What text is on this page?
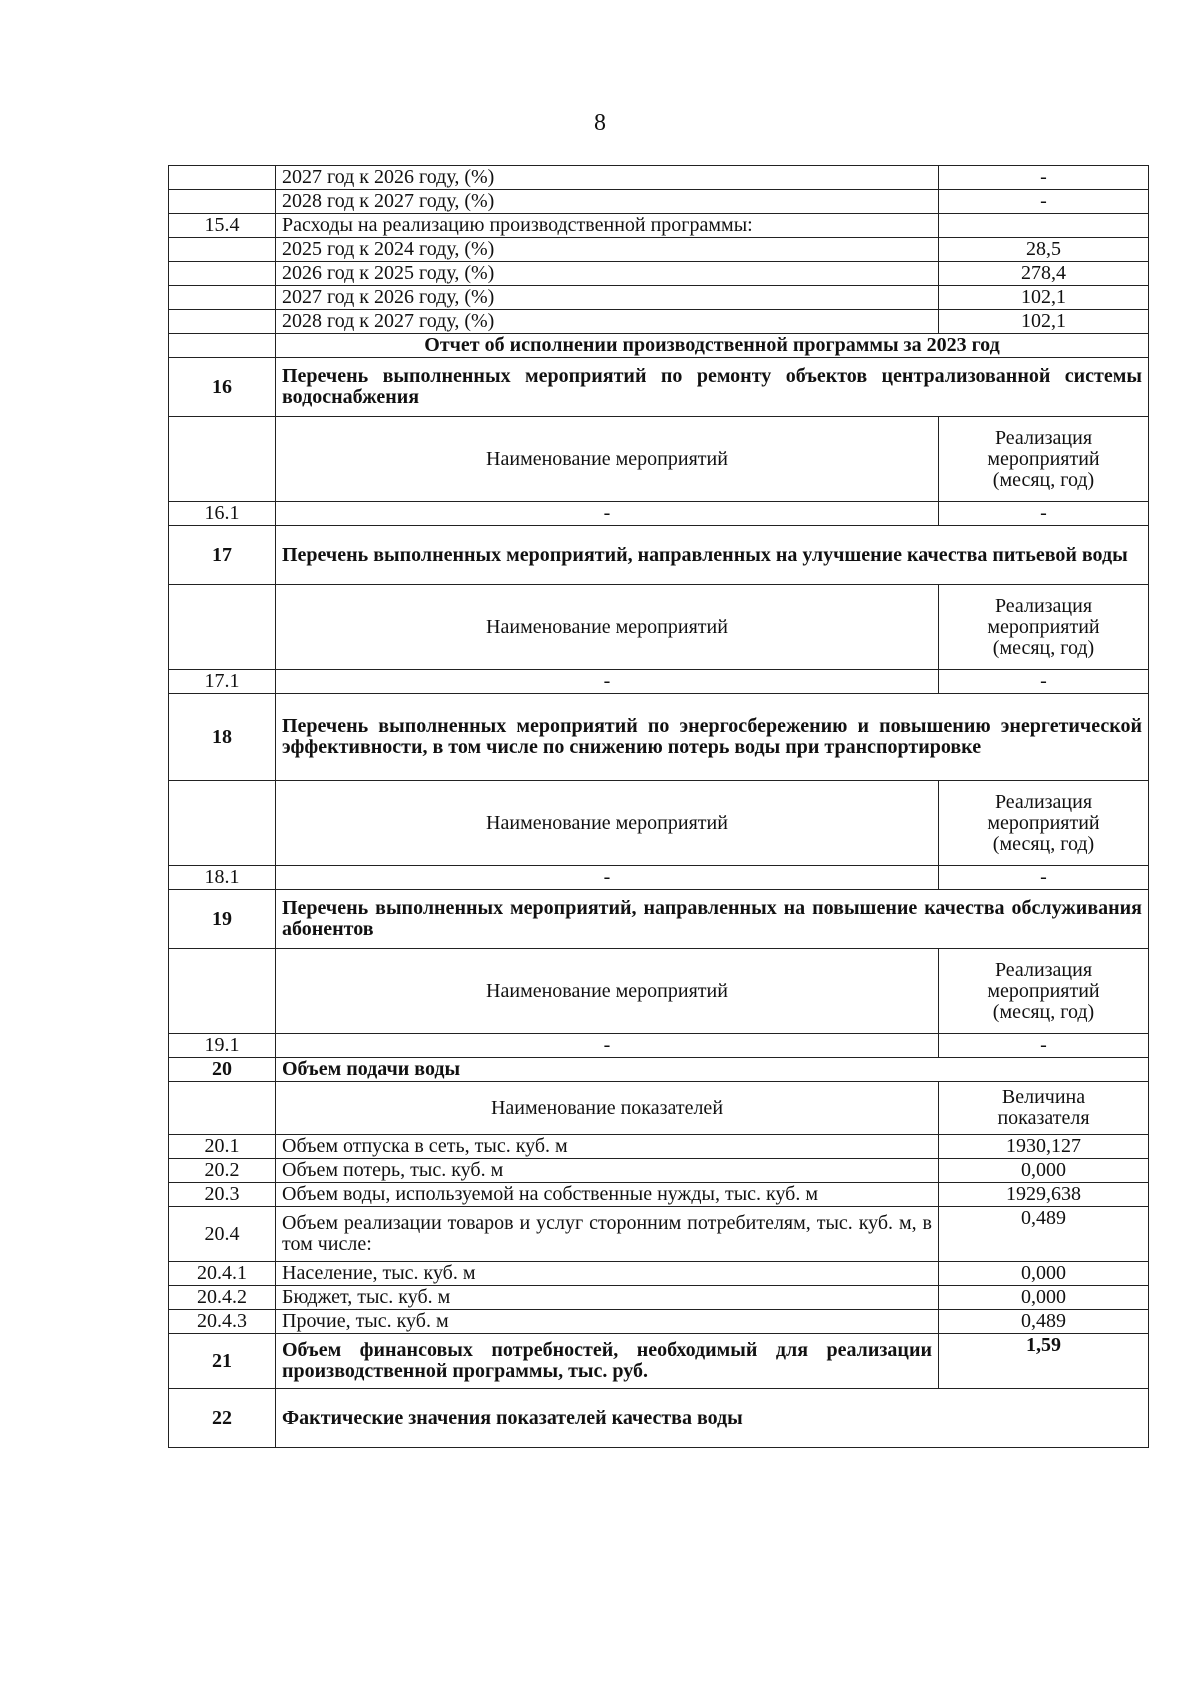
8
	2027 год к 2026 году, (%)	-
	2028 год к 2027 году, (%)	-
15.4	Расходы на реализацию производственной программы:	
	2025 год к 2024 году, (%)	28,5
	2026 год к 2025 году, (%)	278,4
	2027 год к 2026 году, (%)	102,1
	2028 год к 2027 году, (%)	102,1
	Отчет об исполнении производственной программы за 2023 год	
16	Перечень выполненных мероприятий по ремонту объектов централизованной системы водоснабжения	
	Наименование мероприятий	Реализация
мероприятий
(месяц, год)

16.1	-	-
17	Перечень выполненных мероприятий, направленных на улучшение качества питьевой воды	
	Наименование мероприятий	Реализация
мероприятий
(месяц, год)

17.1	-	-
18	Перечень выполненных мероприятий по энергосбережению и повышению энергетической эффективности, в том числе по снижению потерь воды при транспортировке	
	Наименование мероприятий	Реализация
мероприятий
(месяц, год)

18.1	-	-
19	Перечень выполненных мероприятий, направленных на повышение качества обслуживания абонентов	
	Наименование мероприятий	Реализация
мероприятий
(месяц, год)

19.1	-	-
20	Объем подачи воды	
	Наименование показателей	Величина
показателя

20.1	Объем отпуска в сеть, тыс. куб. м	1930,127
20.2	Объем потерь, тыс. куб. м	0,000
20.3	Объем воды, используемой на собственные нужды, тыс. куб. м	1929,638
20.4	Объем реализации товаров и услуг сторонним потребителям, тыс. куб. м, в том числе:	0,489
20.4.1	Население, тыс. куб. м	0,000
20.4.2	Бюджет, тыс. куб. м	0,000
20.4.3	Прочие, тыс. куб. м	0,489
21	Объем финансовых потребностей, необходимый для реализации производственной программы, тыс. руб.	1,59
22	Фактические значения показателей качества воды	
